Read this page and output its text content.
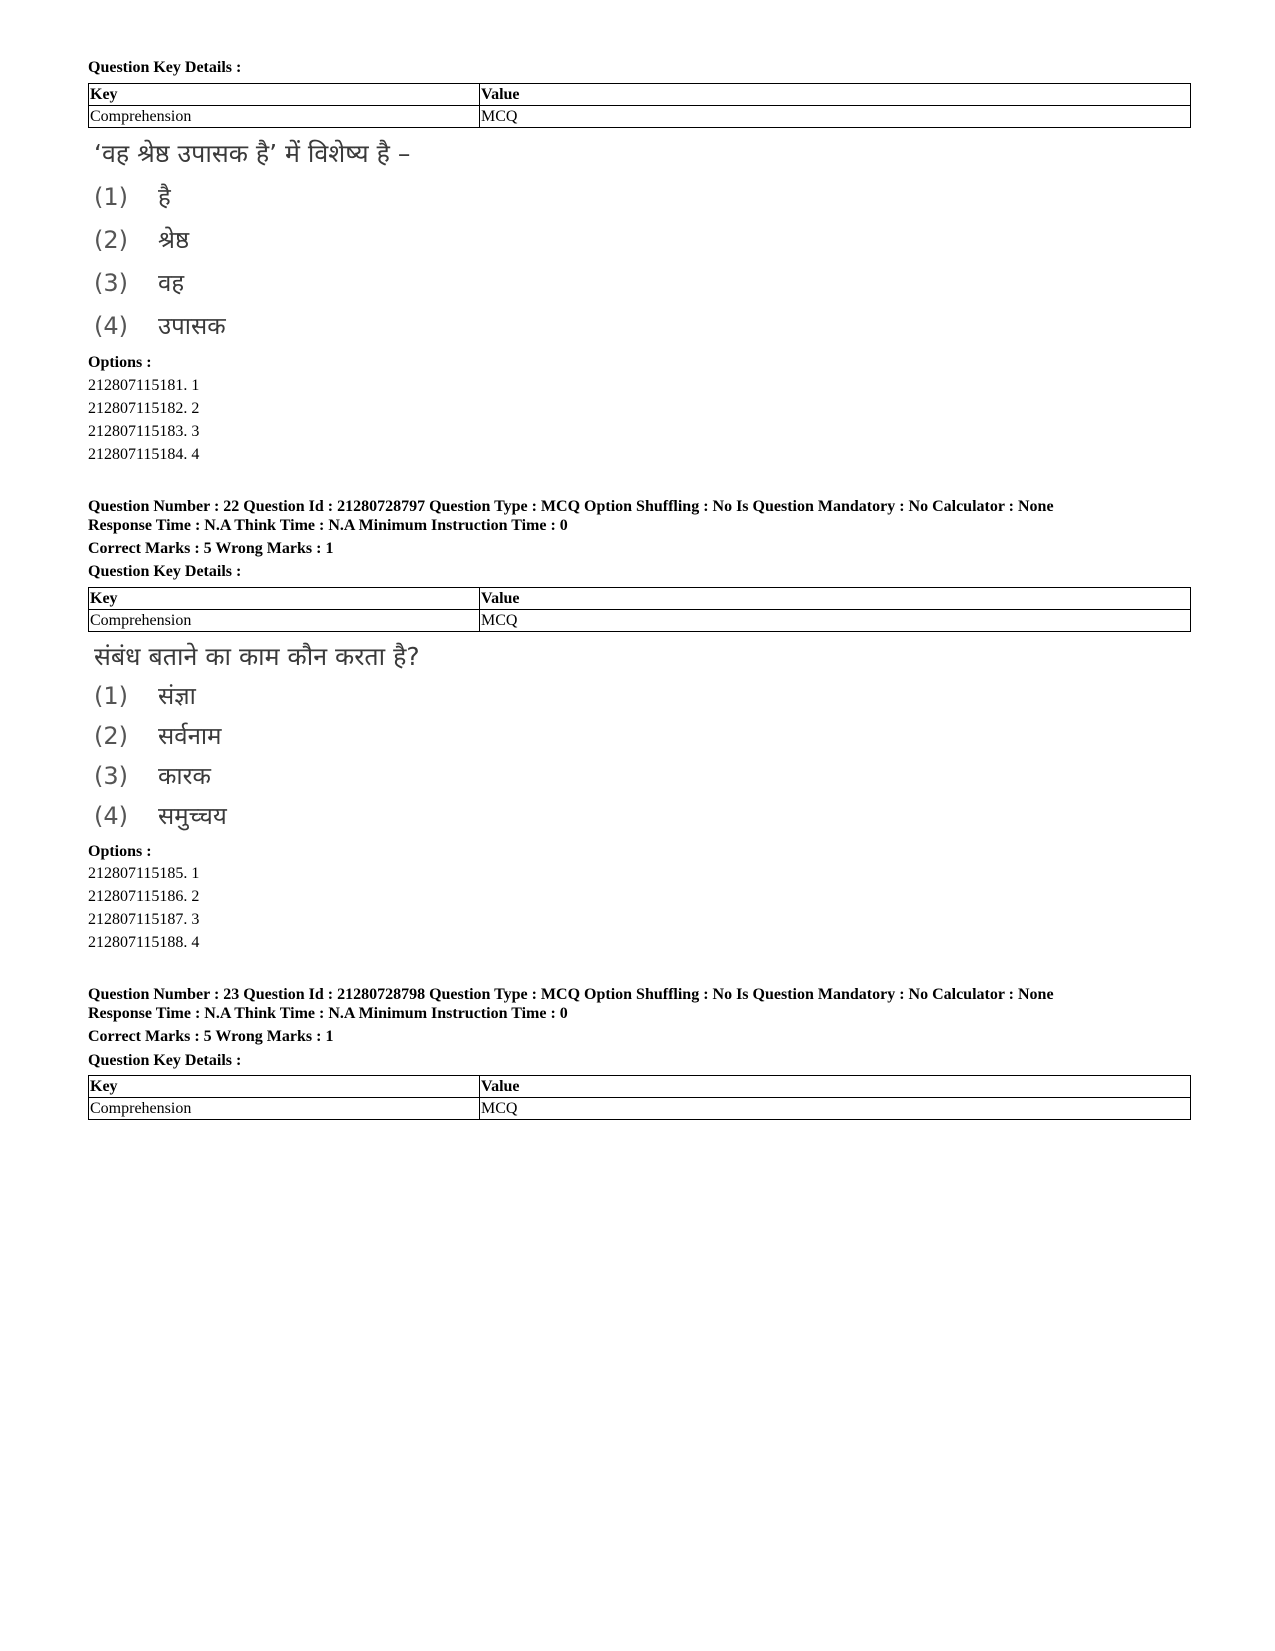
Question Key Details :
Key	Value
Comprehension	MCQ
‘वह श्रेष्ठ उपासक है’ में विशेष्य है –
(1) है
(2) श्रेष्ठ
(3) वह
(4) उपासक
Options :
212807115181. 1
212807115182. 2
212807115183. 3
212807115184. 4
Question Number : 22 Question Id : 21280728797 Question Type : MCQ Option Shuffling : No Is Question Mandatory : No Calculator : None
Response Time : N.A Think Time : N.A Minimum Instruction Time : 0
Correct Marks : 5 Wrong Marks : 1
Question Key Details :
Key	Value
Comprehension	MCQ
संबंध बताने का काम कौन करता है?
(1) संज्ञा
(2) सर्वनाम
(3) कारक
(4) समुच्चय
Options :
212807115185. 1
212807115186. 2
212807115187. 3
212807115188. 4
Question Number : 23 Question Id : 21280728798 Question Type : MCQ Option Shuffling : No Is Question Mandatory : No Calculator : None
Response Time : N.A Think Time : N.A Minimum Instruction Time : 0
Correct Marks : 5 Wrong Marks : 1
Question Key Details :
Key	Value
Comprehension	MCQ
